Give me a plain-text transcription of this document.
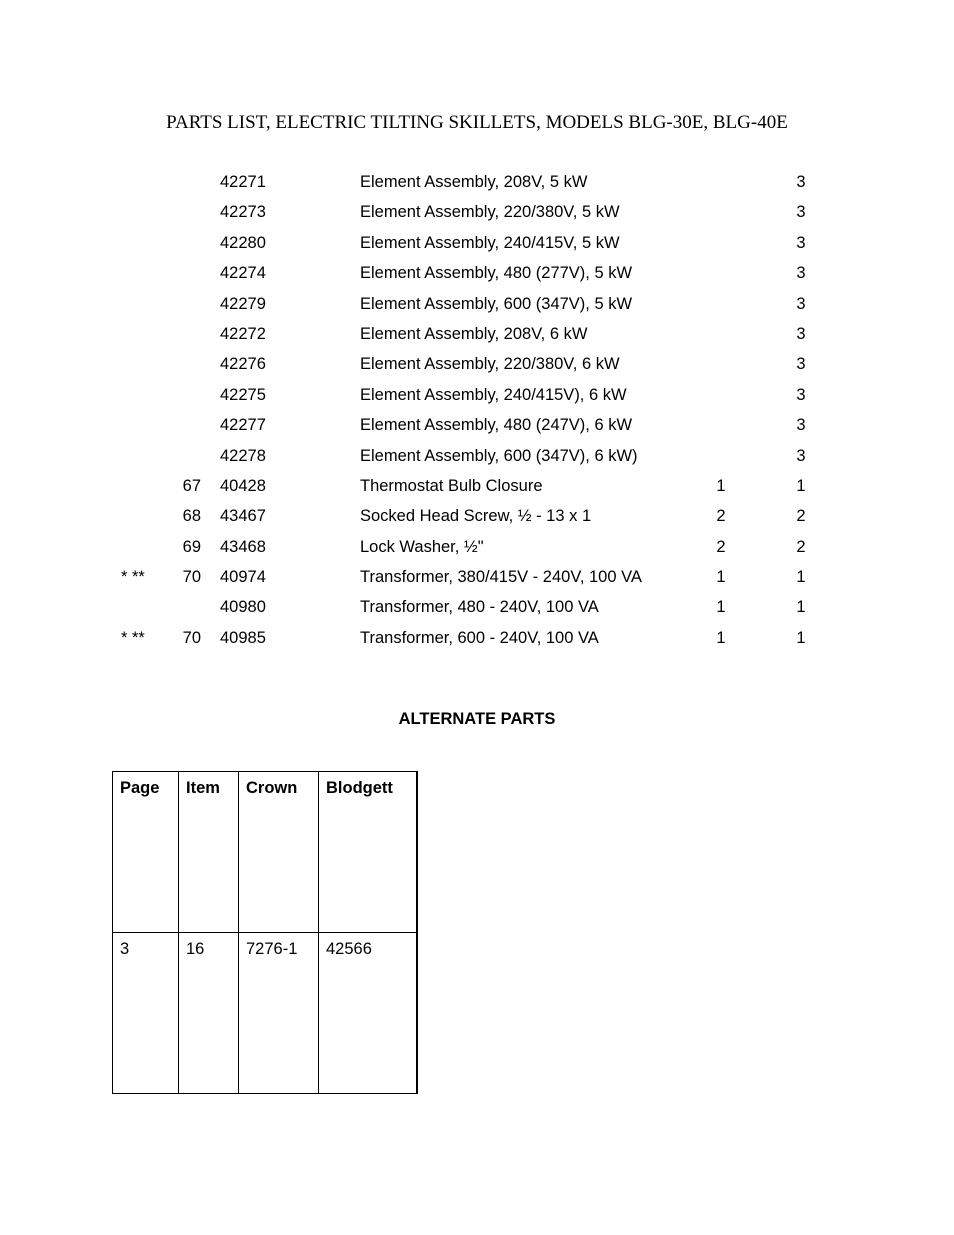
PARTS LIST, ELECTRIC TILTING SKILLETS, MODELS BLG-30E, BLG-40E
42271	Element Assembly, 208V, 5 kW	3
42273	Element Assembly, 220/380V, 5 kW	3
42280	Element Assembly, 240/415V, 5 kW	3
42274	Element Assembly, 480 (277V), 5 kW	3
42279	Element Assembly, 600 (347V), 5 kW	3
42272	Element Assembly, 208V, 6 kW	3
42276	Element Assembly, 220/380V, 6 kW	3
42275	Element Assembly, 240/415V), 6 kW	3
42277	Element Assembly, 480 (247V), 6 kW	3
42278	Element Assembly, 600 (347V), 6 kW)	3
67 40428	Thermostat Bulb Closure	1	1
68 43467	Socked Head Screw, ½ - 13 x 1	2	2
69 43468	Lock Washer, ½"	2	2
* **	70 40974	Transformer, 380/415V - 240V, 100 VA	1	1
40980	Transformer, 480 - 240V, 100 VA	1	1
* **	70 40985	Transformer, 600 - 240V, 100 VA	1	1
ALTERNATE PARTS
Page	Item	Crown	Blodgett
3	16	7276-1	42566
